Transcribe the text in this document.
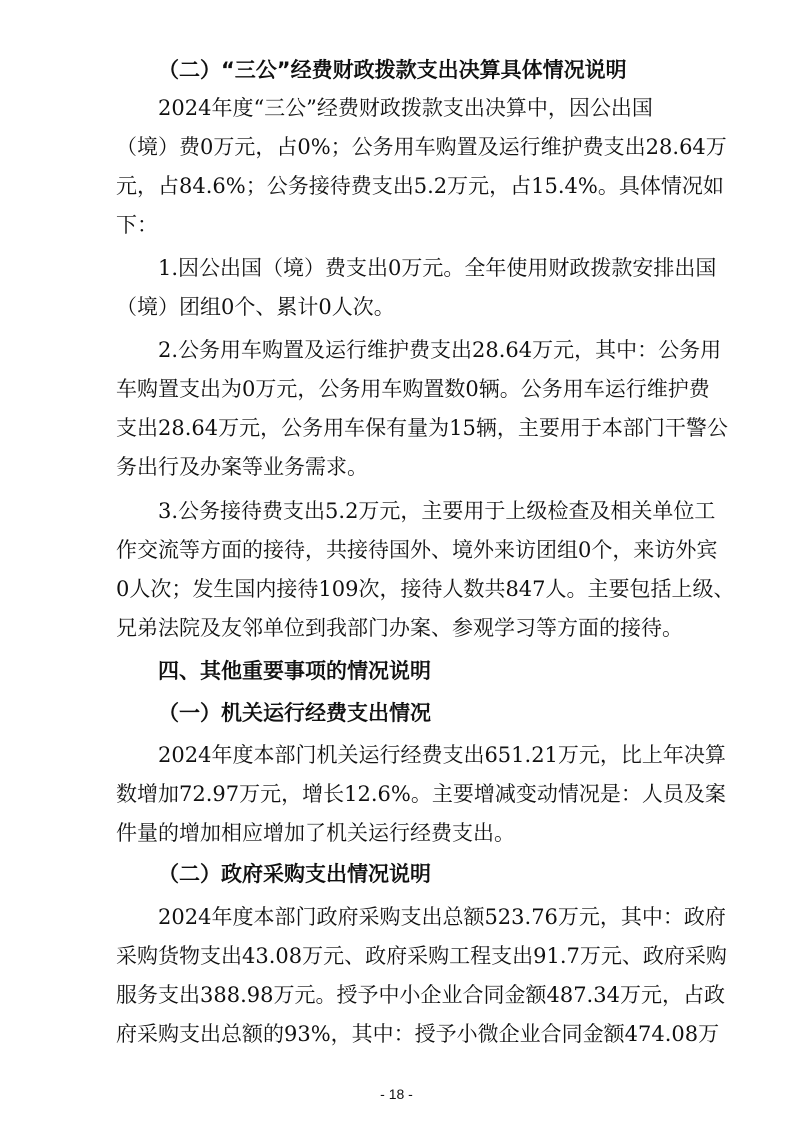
（二）“三公”经费财政拨款支出决算具体情况说明
2024年度“三公”经费财政拨款支出决算中，因公出国
（境）费0万元，占0%；公务用车购置及运行维护费支出28.64万
元，占84.6%；公务接待费支出5.2万元，占15.4%。具体情况如
下：
1.因公出国（境）费支出0万元。全年使用财政拨款安排出国
（境）团组0个、累计0人次。
2.公务用车购置及运行维护费支出28.64万元，其中：公务用
车购置支出为0万元，公务用车购置数0辆。公务用车运行维护费
支出28.64万元，公务用车保有量为15辆，主要用于本部门干警公
务出行及办案等业务需求。
3.公务接待费支出5.2万元，主要用于上级检查及相关单位工
作交流等方面的接待，共接待国外、境外来访团组0个，来访外宾
0人次；发生国内接待109次，接待人数共847人。主要包括上级、
兄弟法院及友邻单位到我部门办案、参观学习等方面的接待。
四、其他重要事项的情况说明
（一）机关运行经费支出情况
2024年度本部门机关运行经费支出651.21万元，比上年决算
数增加72.97万元，增长12.6%。主要增减变动情况是：人员及案
件量的增加相应增加了机关运行经费支出。
（二）政府采购支出情况说明
2024年度本部门政府采购支出总额523.76万元，其中：政府
采购货物支出43.08万元、政府采购工程支出91.7万元、政府采购
服务支出388.98万元。授予中小企业合同金额487.34万元，占政
府采购支出总额的93%，其中：授予小微企业合同金额474.08万
- 18 -
